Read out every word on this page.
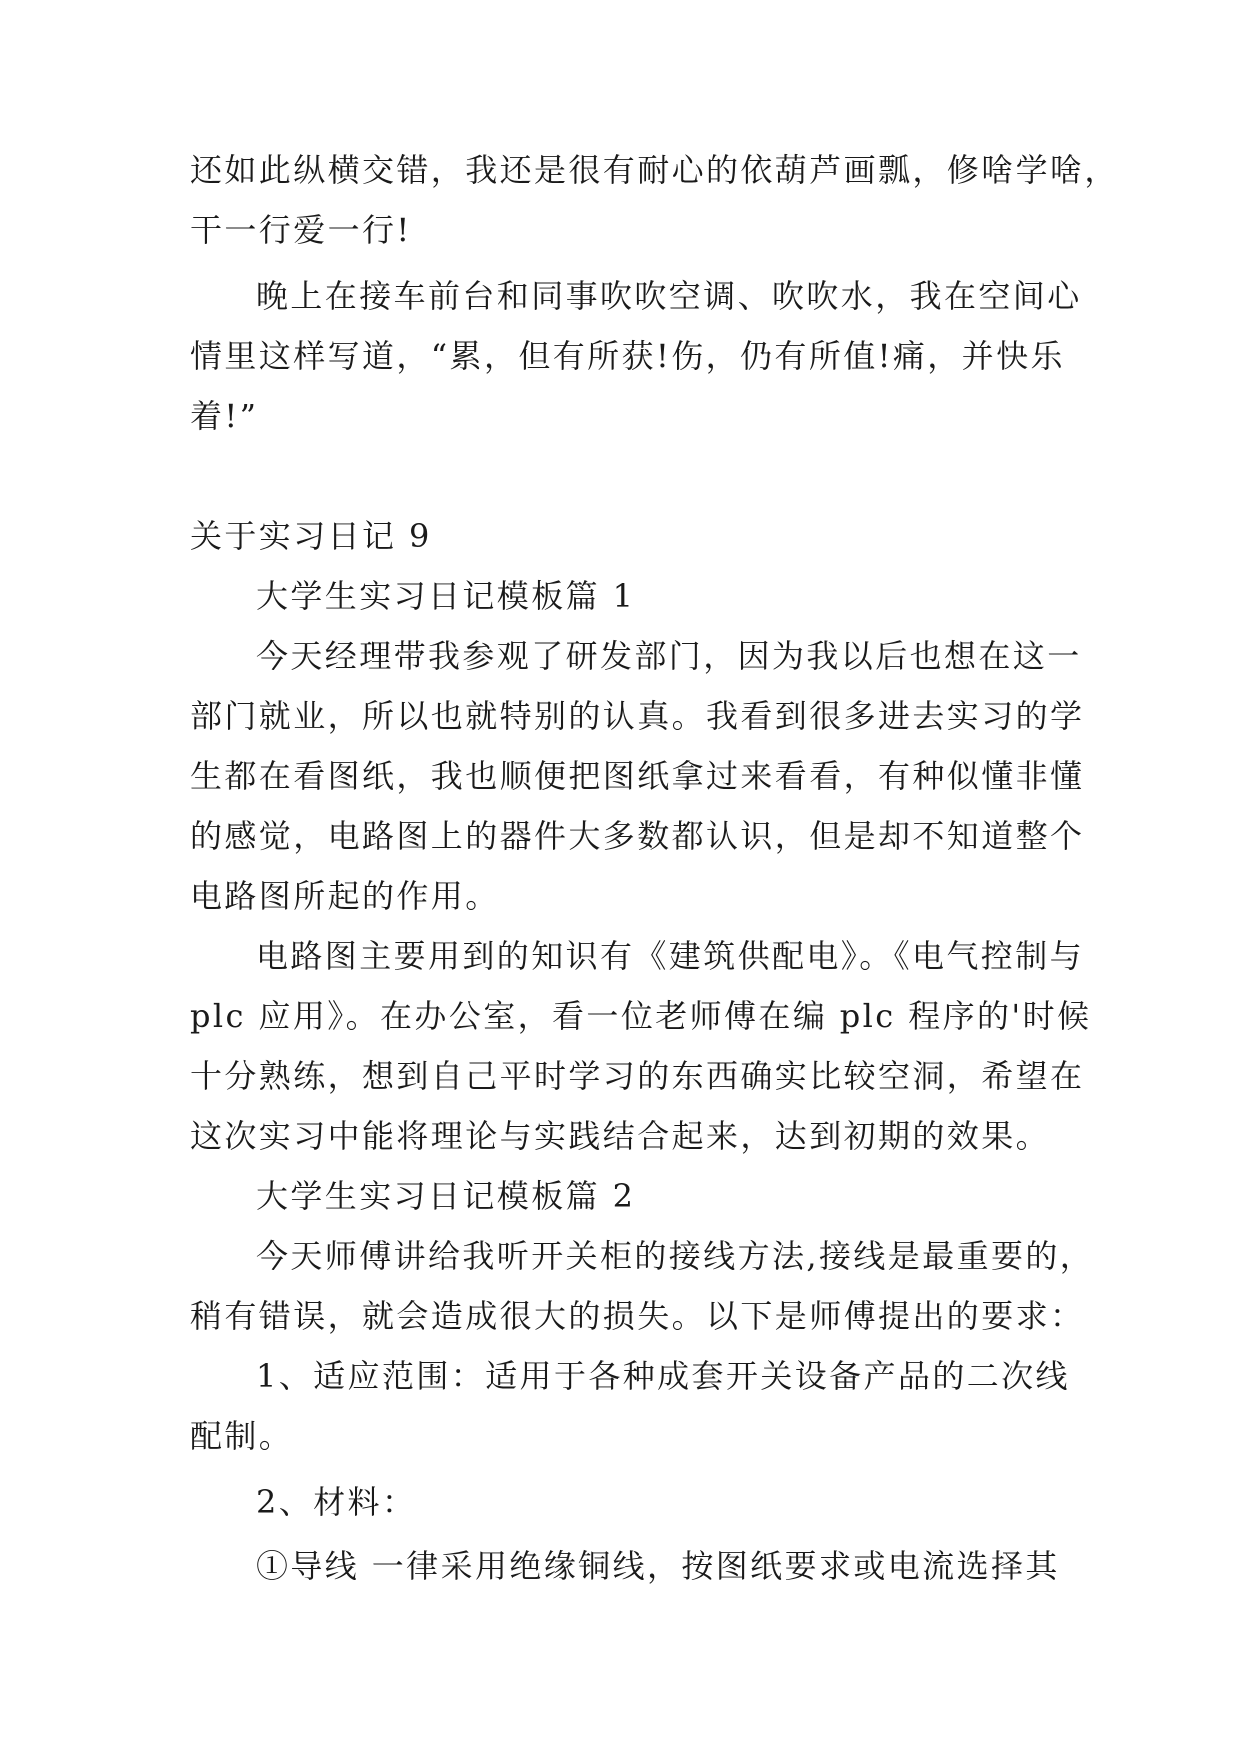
还如此纵横交错，我还是很有耐心的依葫芦画瓢，修啥学啥，
干一行爱一行!
晚上在接车前台和同事吹吹空调、吹吹水，我在空间心
情里这样写道，“累，但有所获!伤，仍有所值!痛，并快乐
着!”
关于实习日记 9
大学生实习日记模板篇 1
今天经理带我参观了研发部门，因为我以后也想在这一
部门就业，所以也就特别的认真。我看到很多进去实习的学
生都在看图纸，我也顺便把图纸拿过来看看，有种似懂非懂
的感觉，电路图上的器件大多数都认识，但是却不知道整个
电路图所起的作用。
电路图主要用到的知识有《建筑供配电》。《电气控制与
plc 应用》。在办公室，看一位老师傅在编 plc 程序的'时候
十分熟练，想到自己平时学习的东西确实比较空洞，希望在
这次实习中能将理论与实践结合起来，达到初期的效果。
大学生实习日记模板篇 2
今天师傅讲给我听开关柜的接线方法,接线是最重要的，
稍有错误，就会造成很大的损失。以下是师傅提出的要求：
1、适应范围：适用于各种成套开关设备产品的二次线
配制。
2、材料：
①导线 一律采用绝缘铜线，按图纸要求或电流选择其
